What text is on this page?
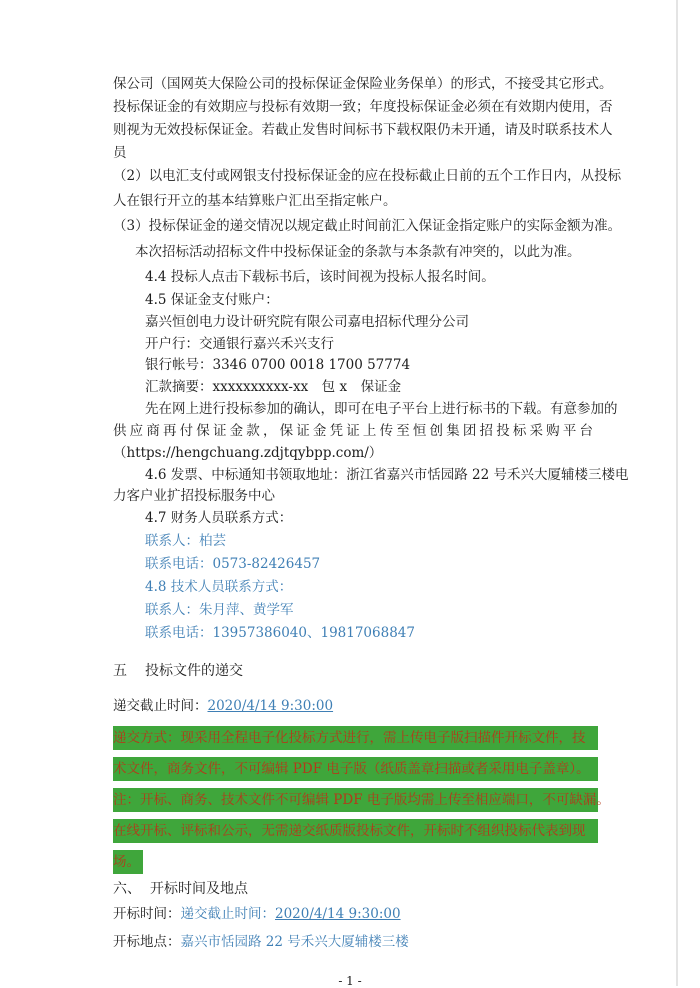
保公司（国网英大保险公司的投标保证金保险业务保单）的形式，不接受其它形式。

投标保证金的有效期应与投标有效期一致；年度投标保证金必须在有效期内使用，否

则视为无效投标保证金。若截止发售时间标书下载权限仍未开通，请及时联系技术人

员

（2）以电汇支付或网银支付投标保证金的应在投标截止日前的五个工作日内，从投标

人在银行开立的基本结算账户汇出至指定帐户。

（3）投标保证金的递交情况以规定截止时间前汇入保证金指定账户的实际金额为准。

本次招标活动招标文件中投标保证金的条款与本条款有冲突的，以此为准。

4.4 投标人点击下载标书后，该时间视为投标人报名时间。

4.5 保证金支付账户：

嘉兴恒创电力设计研究院有限公司嘉电招标代理分公司

开户行：交通银行嘉兴禾兴支行

银行帐号：3346 0700 0018 1700 57774

汇款摘要：xxxxxxxxxx-xx　包 x　保证金

先在网上进行投标参加的确认，即可在电子平台上进行标书的下载。有意参加的

供应商再付保证金款，保证金凭证上传至恒创集团招投标采购平台

（https://hengchuang.zdjtqybpp.com/）

4.6 发票、中标通知书领取地址：浙江省嘉兴市恬园路 22 号禾兴大厦辅楼三楼电

力客户业扩招投标服务中心

4.7 财务人员联系方式：

联系人：柏芸

联系电话：0573-82426457

4.8 技术人员联系方式：

联系人：朱月萍、黄学军

联系电话：13957386040、19817068847

五 投标文件的递交

递交截止时间：2020/4/14 9:30:00

递交方式：现采用全程电子化投标方式进行，需上传电子版扫描件开标文件，技

术文件，商务文件，不可编辑 PDF 电子版（纸质盖章扫描或者采用电子盖章）。

注：开标、商务、技术文件不可编辑 PDF 电子版均需上传至相应端口，不可缺漏。

在线开标、评标和公示，无需递交纸质版投标文件，开标时不组织投标代表到现

场。

六、 开标时间及地点

开标时间：递交截止时间：2020/4/14 9:30:00

开标地点：嘉兴市恬园路 22 号禾兴大厦辅楼三楼

- 1 -
